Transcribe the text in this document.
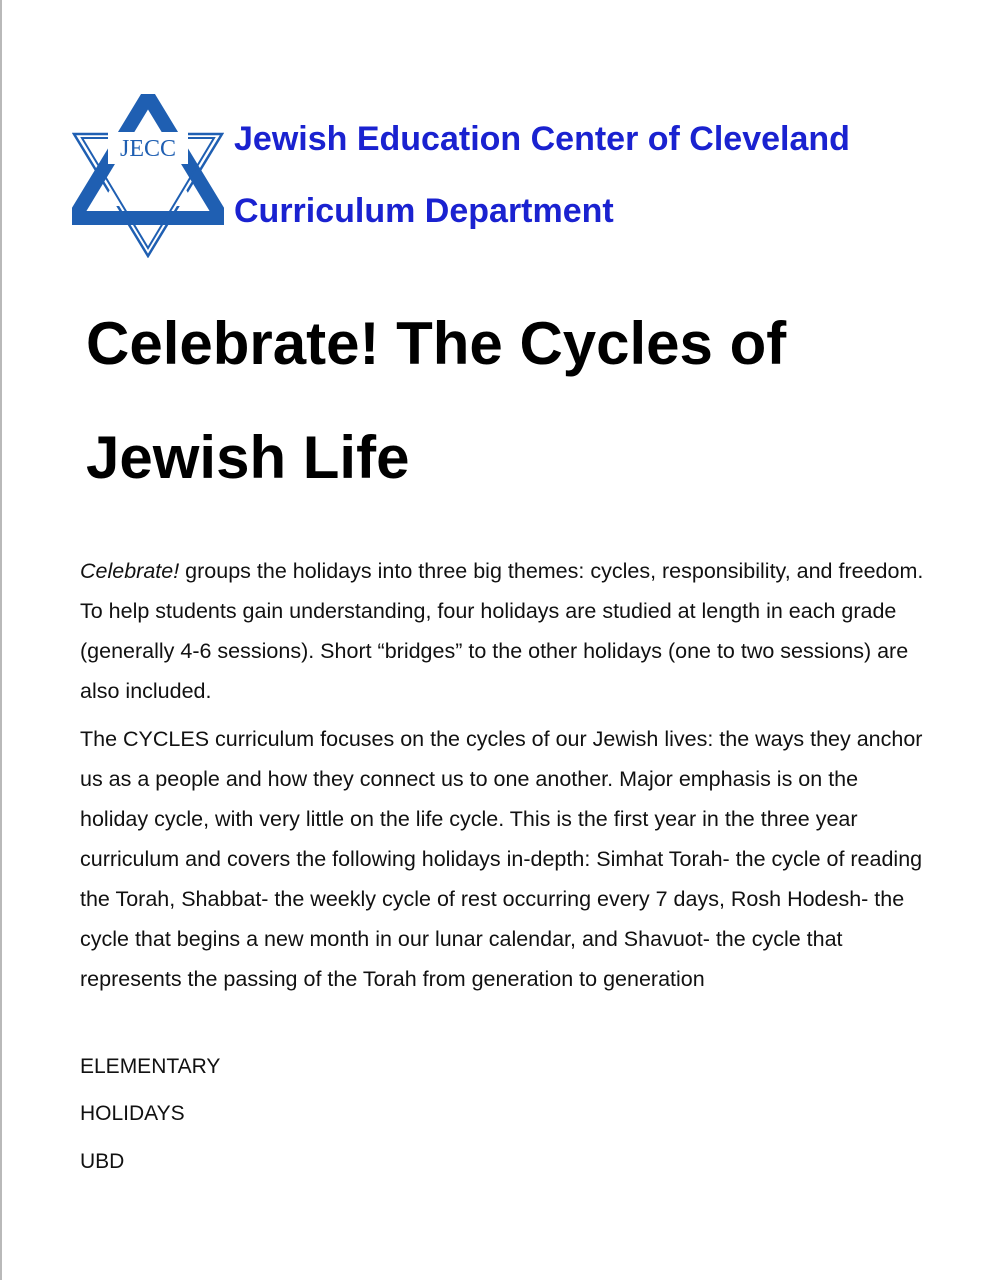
JECC Jewish Education Center of Cleveland
Curriculum Department
Celebrate! The Cycles of
Jewish Life

Celebrate! groups the holidays into three big themes: cycles, responsibility, and freedom. To help students gain understanding, four holidays are studied at length in each grade (generally 4-6 sessions). Short “bridges” to the other holidays (one to two sessions) are also included.

The CYCLES curriculum focuses on the cycles of our Jewish lives: the ways they anchor us as a people and how they connect us to one another. Major emphasis is on the holiday cycle, with very little on the life cycle. This is the first year in the three year curriculum and covers the following holidays in-depth: Simhat Torah- the cycle of reading the Torah, Shabbat- the weekly cycle of rest occurring every 7 days, Rosh Hodesh- the cycle that begins a new month in our lunar calendar, and Shavuot- the cycle that represents the passing of the Torah from generation to generation

ELEMENTARY
HOLIDAYS
UBD
